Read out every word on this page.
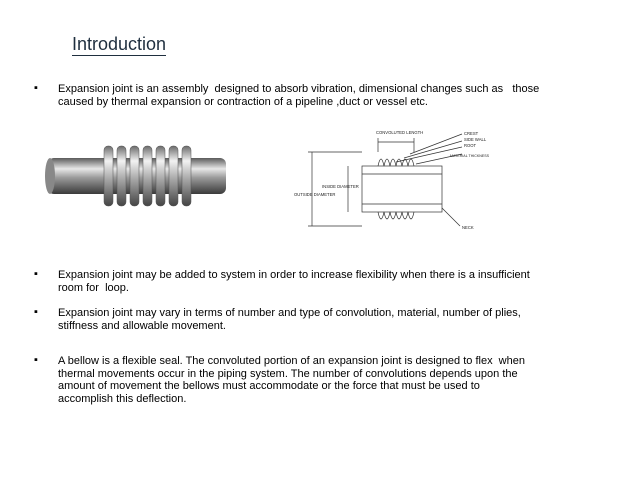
Introduction
▪ Expansion joint is an assembly  designed to absorb vibration, dimensional changes such as   those
caused by thermal expansion or contraction of a pipeline ,duct or vessel etc.
CONVOLUTED LENGTH
INSIDE DIAMETER
OUTSIDE DIAMETER
CREST
SIDE WALL
ROOT
MATERIAL THICKNESS
NECK
▪ Expansion joint may be added to system in order to increase flexibility when there is a insufficient
room for  loop.
▪ Expansion joint may vary in terms of number and type of convolution, material, number of plies,
stiffness and allowable movement.
▪ A bellow is a flexible seal. The convoluted portion of an expansion joint is designed to flex  when
thermal movements occur in the piping system. The number of convolutions depends upon the
amount of movement the bellows must accommodate or the force that must be used to
accomplish this deflection.
